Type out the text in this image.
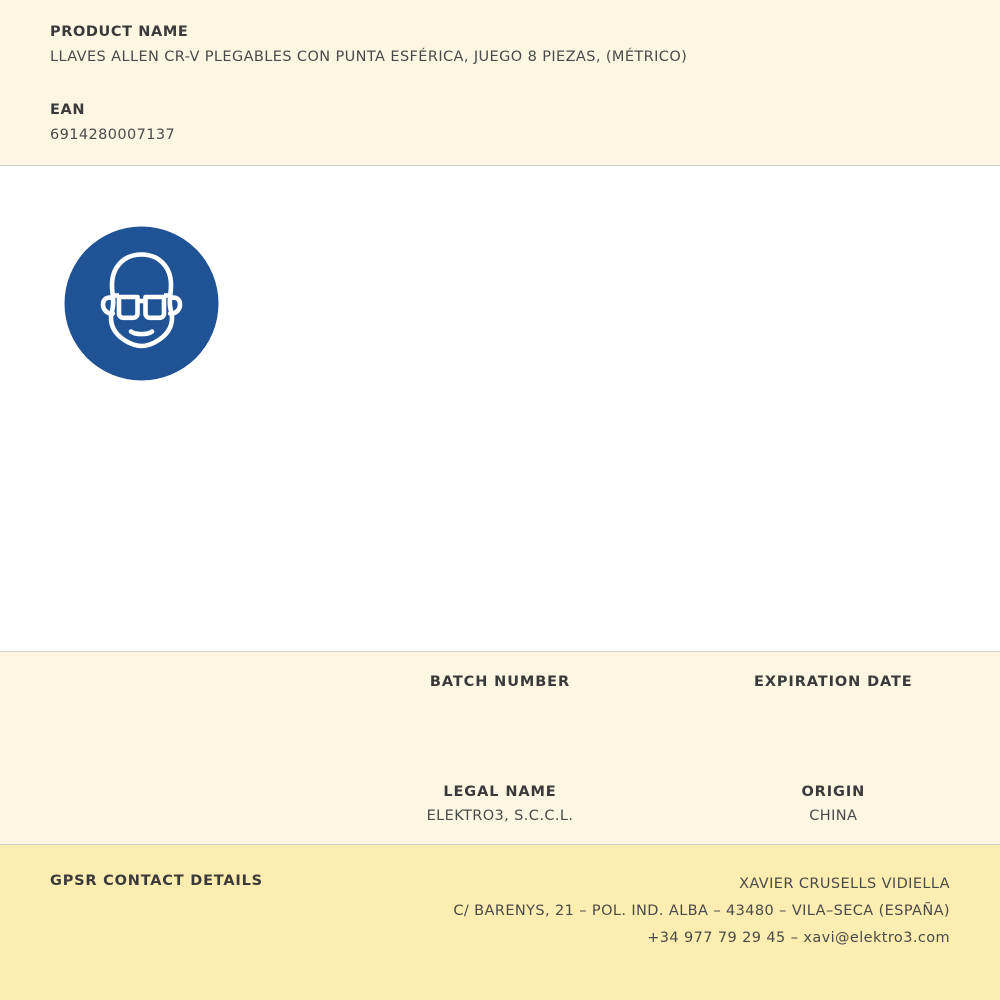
PRODUCT NAME

LLAVES ALLEN CR-V PLEGABLES CON PUNTA ESFÉRICA, JUEGO 8 PIEZAS, (MÉTRICO)

EAN

6914280007137

BATCH NUMBER	EXPIRATION DATE

LEGAL NAME

ELEKTRO3, S.C.C.L.

ORIGIN

CHINA

GPSR CONTACT DETAILS	XAVIER CRUSELLS VIDIELLA
C/ BARENYS, 21 – POL. IND. ALBA – 43480 – VILA–SECA (ESPAÑA)
+34 977 79 29 45 – xavi@elektro3.com
